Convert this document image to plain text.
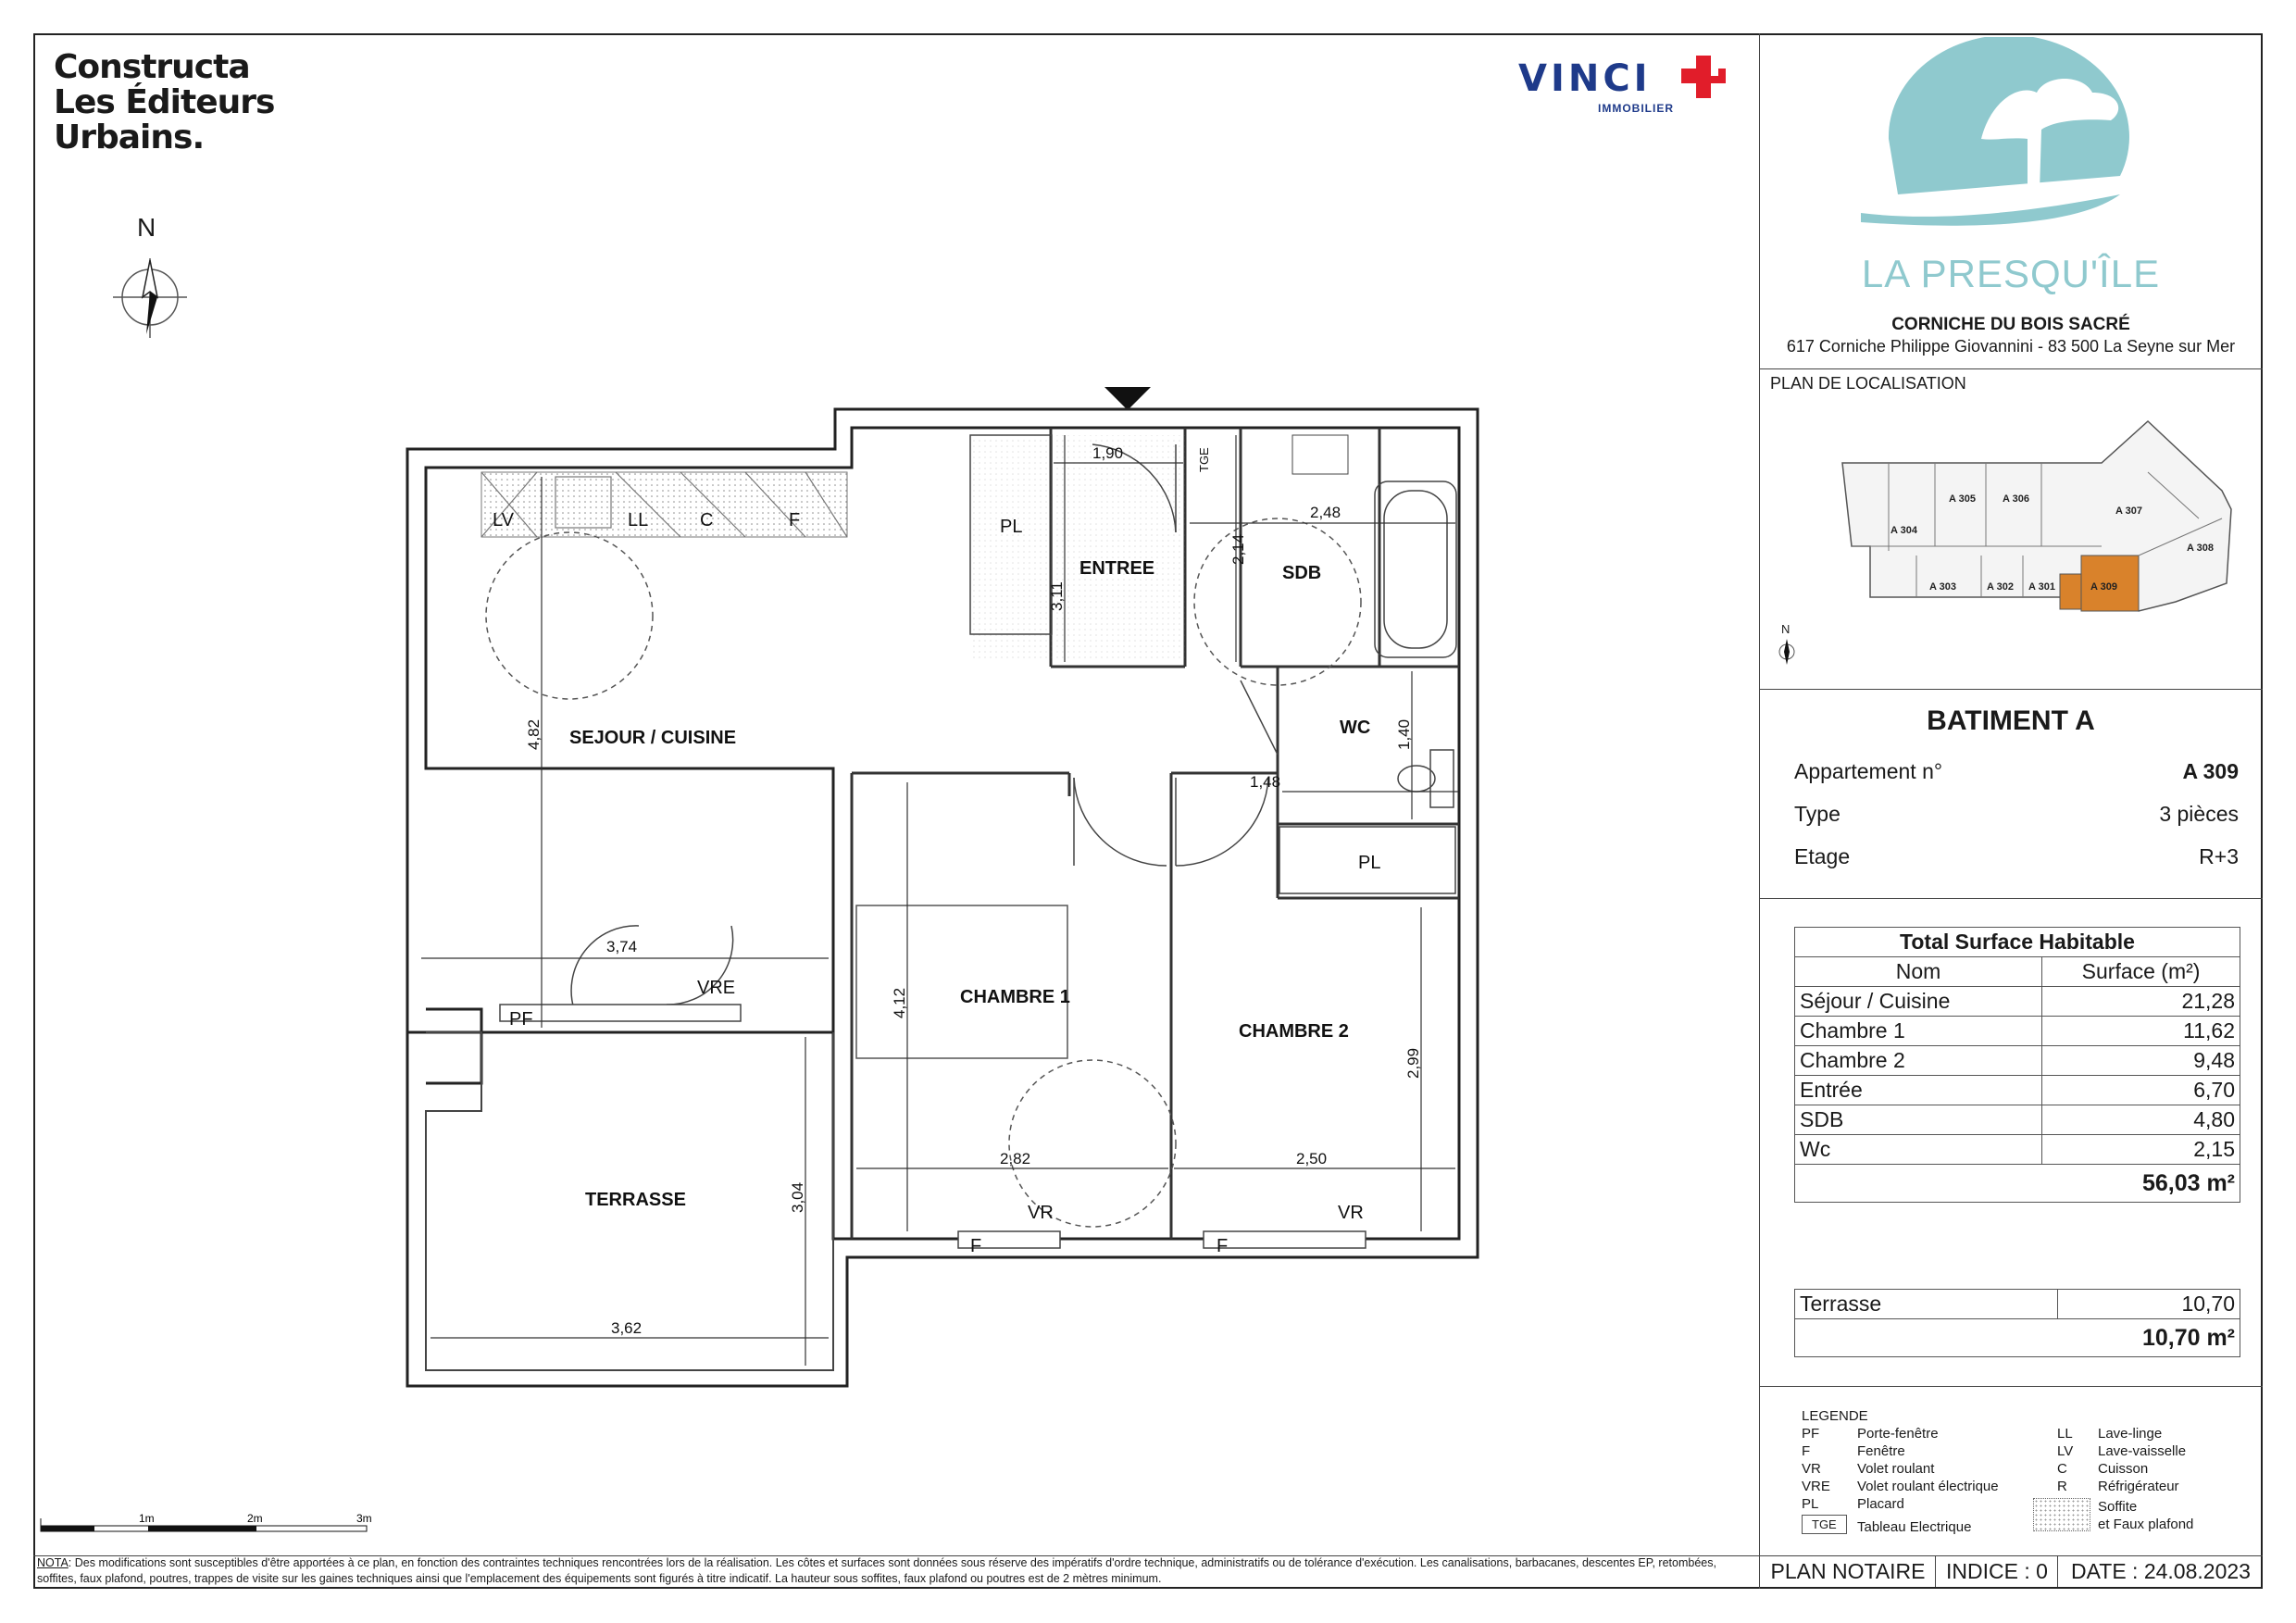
Constructa
Les Éditeurs
Urbains.
VINCI
IMMOBILIER
N
LA PRESQU'ÎLE
CORNICHE DU BOIS SACRÉ
617 Corniche Philippe Giovannini - 83 500 La Seyne sur Mer
PLAN DE LOCALISATION
A 304
A 305	A 306
A 307
A 308
A 303	A 302 A 301	A 309
N
BATIMENT A
Appartement n°	A 309
Type	3 pièces
Etage	R+3
Total Surface Habitable	
Nom	Surface (m²)
Séjour / Cuisine	21,28
Chambre 1	11,62
Chambre 2	9,48
Entrée	6,70
SDB	4,80
Wc	2,15
56,03 m²	
Terrasse	10,70
10,70 m²
LEGENDE
PF	Porte-fenêtre
F	Fenêtre
VR	Volet roulant
VRE Volet roulant électrique
PL	Placard
TGE	Tableau Electrique
LL Lave-linge
LV Lave-vaisselle
C Cuisson
R Réfrigérateur
Soffite
et Faux plafond
1m	2m	3m
NOTA: Des modifications sont susceptibles d'être apportées à ce plan, en fonction des contraintes techniques rencontrées lors de la réalisation. Les côtes et surfaces sont données sous réserve des impératifs d'ordre technique, administratifs ou de tolérance d'exécution. Les canalisations, barbacanes, descentes EP, retombées, soffites, faux plafond, poutres, trappes de visite sur les gaines techniques ainsi que l'emplacement des équipements sont figurés à titre indicatif. La hauteur sous soffites, faux plafond ou poutres est de 2 mètres minimum.	PLAN NOTAIRE INDICE : 0	DATE : 24.08.2023
1,90
2,48
1,48
3,74
2,82	2,50
3,62
3,11
2,14
4,82	1,40
4,12
2,99
3,04
SEJOUR / CUISINE
ENTREE	SDB
WC
CHAMBRE 1
CHAMBRE 2
TERRASSE
LV	LL	C	F	PL
PL
PF
VRE
VR	VR
F	F
TGE
